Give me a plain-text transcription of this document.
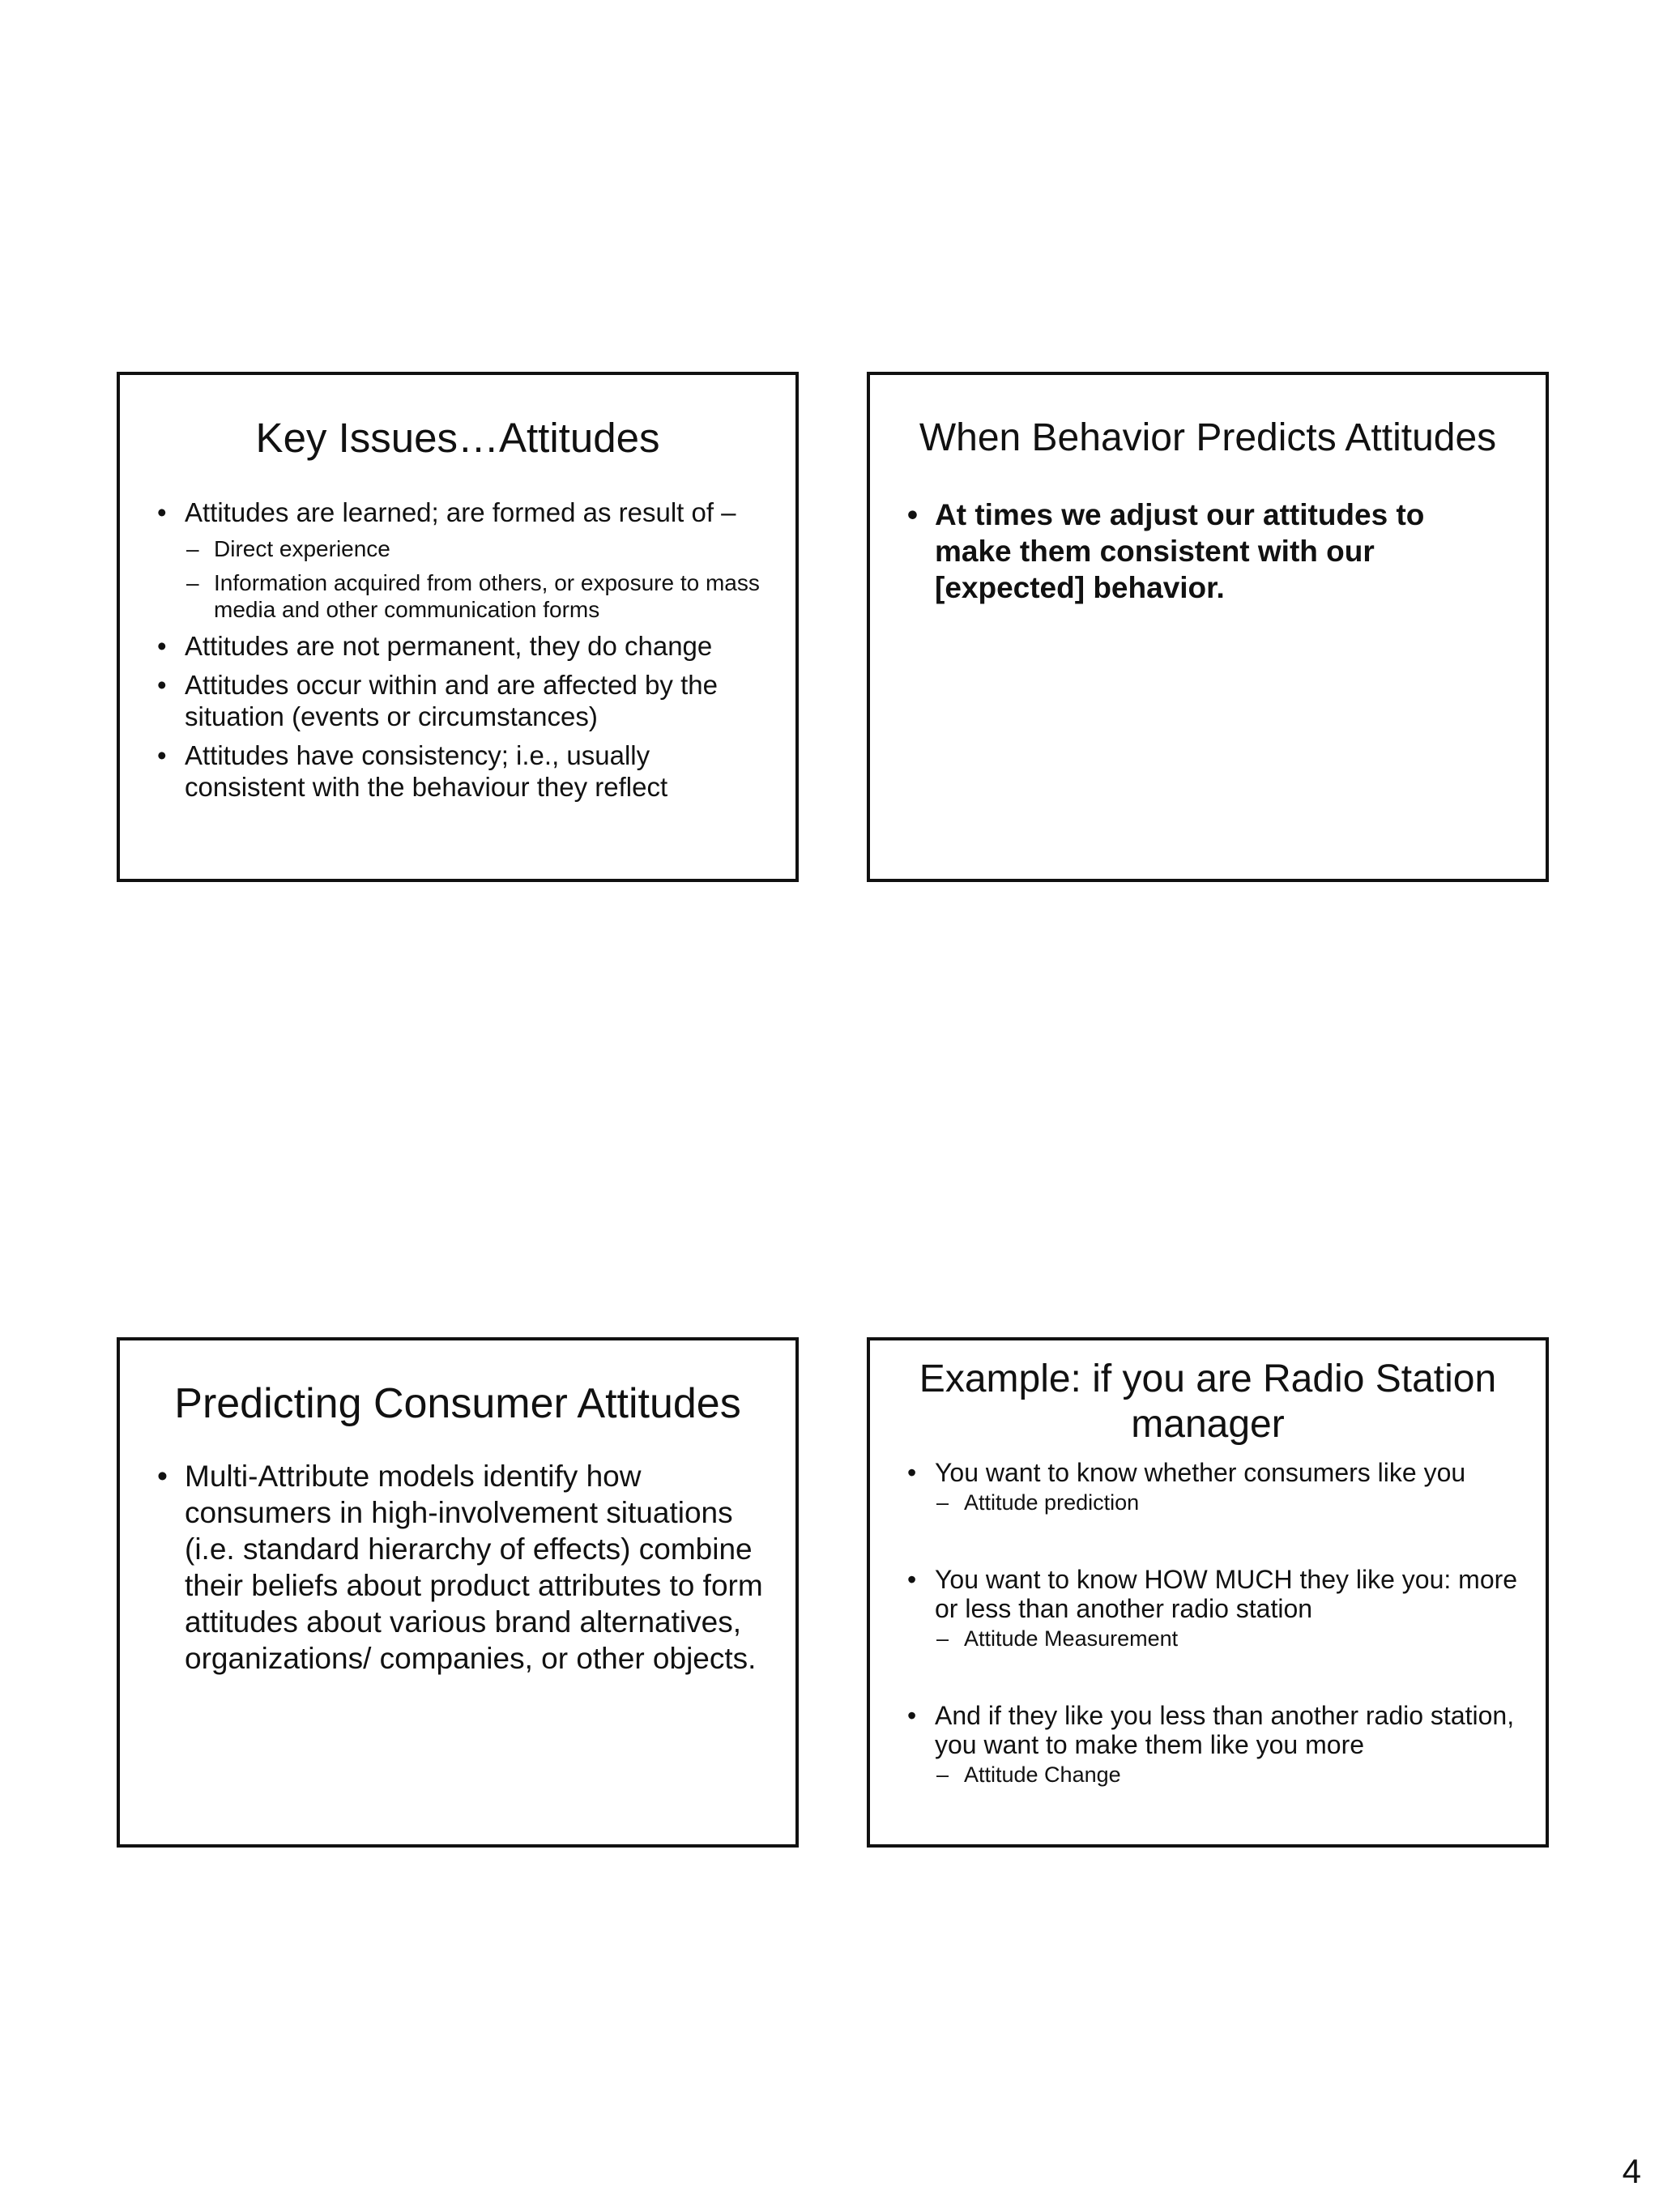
Key Issues…Attitudes
• Attitudes are learned; are formed as result of –
– Direct experience
– Information acquired from others, or exposure to mass media and other communication forms
• Attitudes are not permanent, they do change
• Attitudes occur within and are affected by the situation (events or circumstances)
• Attitudes have consistency; i.e., usually consistent with the behaviour they reflect
When Behavior Predicts Attitudes
• At times we adjust our attitudes to make them consistent with our [expected] behavior.
Predicting Consumer Attitudes
• Multi-Attribute models identify how consumers in high-involvement situations (i.e. standard hierarchy of effects) combine their beliefs about product attributes to form attitudes about various brand alternatives, organizations/ companies, or other objects.
Example: if you are Radio Station manager
• You want to know whether consumers like you
– Attitude prediction
• You want to know HOW MUCH they like you: more or less than another radio station
– Attitude Measurement
• And if they like you less than another radio station, you want to make them like you more
– Attitude Change
4
